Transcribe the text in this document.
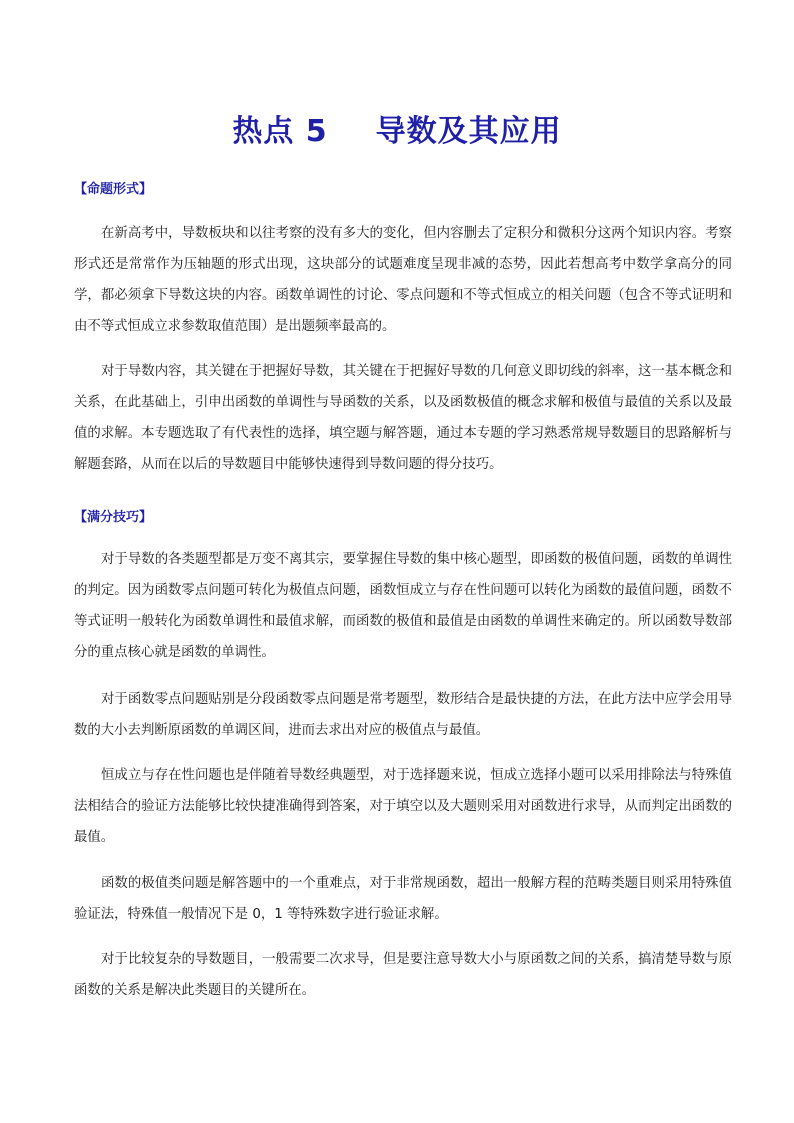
热点 5 导数及其应用
【命题形式】

在新高考中，导数板块和以往考察的没有多大的变化，但内容删去了定积分和微积分这两个知识内容。考察形式还是常常作为压轴题的形式出现，这块部分的试题难度呈现非减的态势，因此若想高考中数学拿高分的同学，都必须拿下导数这块的内容。函数单调性的讨论、零点问题和不等式恒成立的相关问题（包含不等式证明和由不等式恒成立求参数取值范围）是出题频率最高的。

对于导数内容，其关键在于把握好导数，其关键在于把握好导数的几何意义即切线的斜率，这一基本概念和关系，在此基础上，引申出函数的单调性与导函数的关系，以及函数极值的概念求解和极值与最值的关系以及最值的求解。本专题选取了有代表性的选择，填空题与解答题，通过本专题的学习熟悉常规导数题目的思路解析与解题套路，从而在以后的导数题目中能够快速得到导数问题的得分技巧。

【满分技巧】

对于导数的各类题型都是万变不离其宗，要掌握住导数的集中核心题型，即函数的极值问题，函数的单调性的判定。因为函数零点问题可转化为极值点问题，函数恒成立与存在性问题可以转化为函数的最值问题，函数不等式证明一般转化为函数单调性和最值求解，而函数的极值和最值是由函数的单调性来确定的。所以函数导数部分的重点核心就是函数的单调性。

对于函数零点问题贴别是分段函数零点问题是常考题型，数形结合是最快捷的方法，在此方法中应学会用导数的大小去判断原函数的单调区间，进而去求出对应的极值点与最值。

恒成立与存在性问题也是伴随着导数经典题型，对于选择题来说，恒成立选择小题可以采用排除法与特殊值法相结合的验证方法能够比较快捷准确得到答案，对于填空以及大题则采用对函数进行求导，从而判定出函数的最值。

函数的极值类问题是解答题中的一个重难点，对于非常规函数，超出一般解方程的范畴类题目则采用特殊值验证法，特殊值一般情况下是 0，1 等特殊数字进行验证求解。

对于比较复杂的导数题目，一般需要二次求导，但是要注意导数大小与原函数之间的关系，搞清楚导数与原函数的关系是解决此类题目的关键所在。
